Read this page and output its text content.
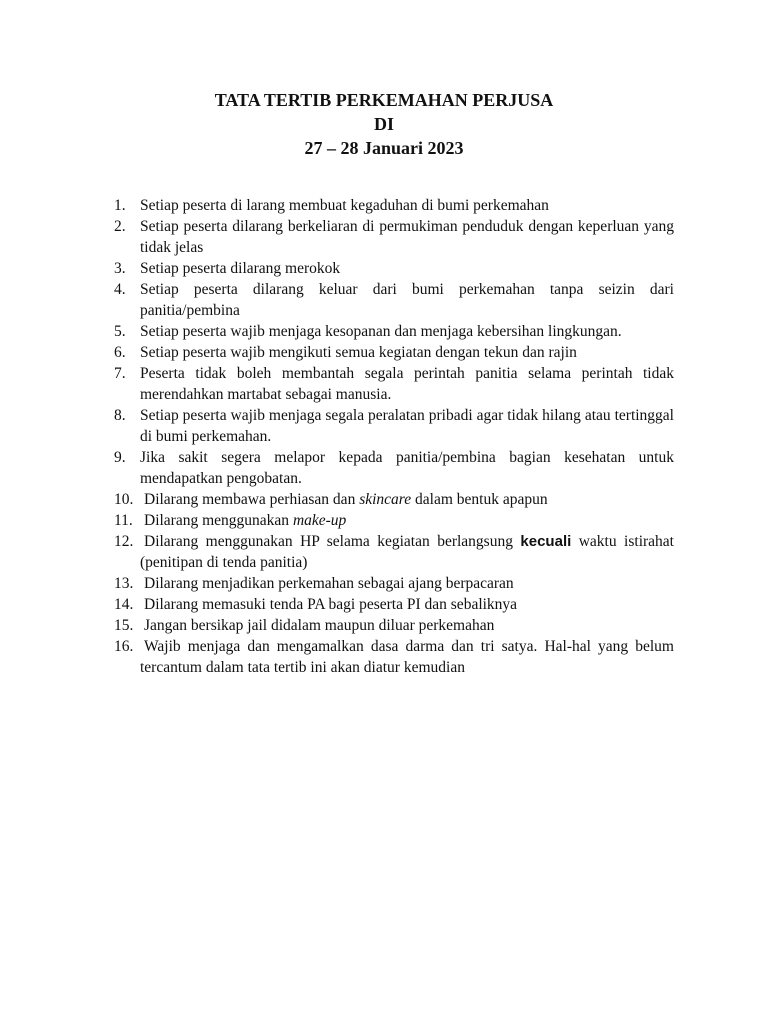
TATA TERTIB PERKEMAHAN PERJUSA
DI
27 – 28 Januari 2023
1. Setiap peserta di larang membuat kegaduhan di bumi perkemahan
2. Setiap peserta dilarang berkeliaran di permukiman penduduk dengan keperluan yang tidak jelas
3. Setiap peserta dilarang merokok
4. Setiap peserta dilarang keluar dari bumi perkemahan tanpa seizin dari panitia/pembina
5. Setiap peserta wajib menjaga kesopanan dan menjaga kebersihan lingkungan.
6. Setiap peserta wajib mengikuti semua kegiatan dengan tekun dan rajin
7. Peserta tidak boleh membantah segala perintah panitia selama perintah tidak merendahkan martabat sebagai manusia.
8. Setiap peserta wajib menjaga segala peralatan pribadi agar tidak hilang atau tertinggal di bumi perkemahan.
9. Jika sakit segera melapor kepada panitia/pembina bagian kesehatan untuk mendapatkan pengobatan.
10. Dilarang membawa perhiasan dan skincare dalam bentuk apapun
11. Dilarang menggunakan make-up
12. Dilarang menggunakan HP selama kegiatan berlangsung kecuali waktu istirahat (penitipan di tenda panitia)
13. Dilarang menjadikan perkemahan sebagai ajang berpacaran
14. Dilarang memasuki tenda PA bagi peserta PI dan sebaliknya
15. Jangan bersikap jail didalam maupun diluar perkemahan
16. Wajib menjaga dan mengamalkan dasa darma dan tri satya. Hal-hal yang belum tercantum dalam tata tertib ini akan diatur kemudian
